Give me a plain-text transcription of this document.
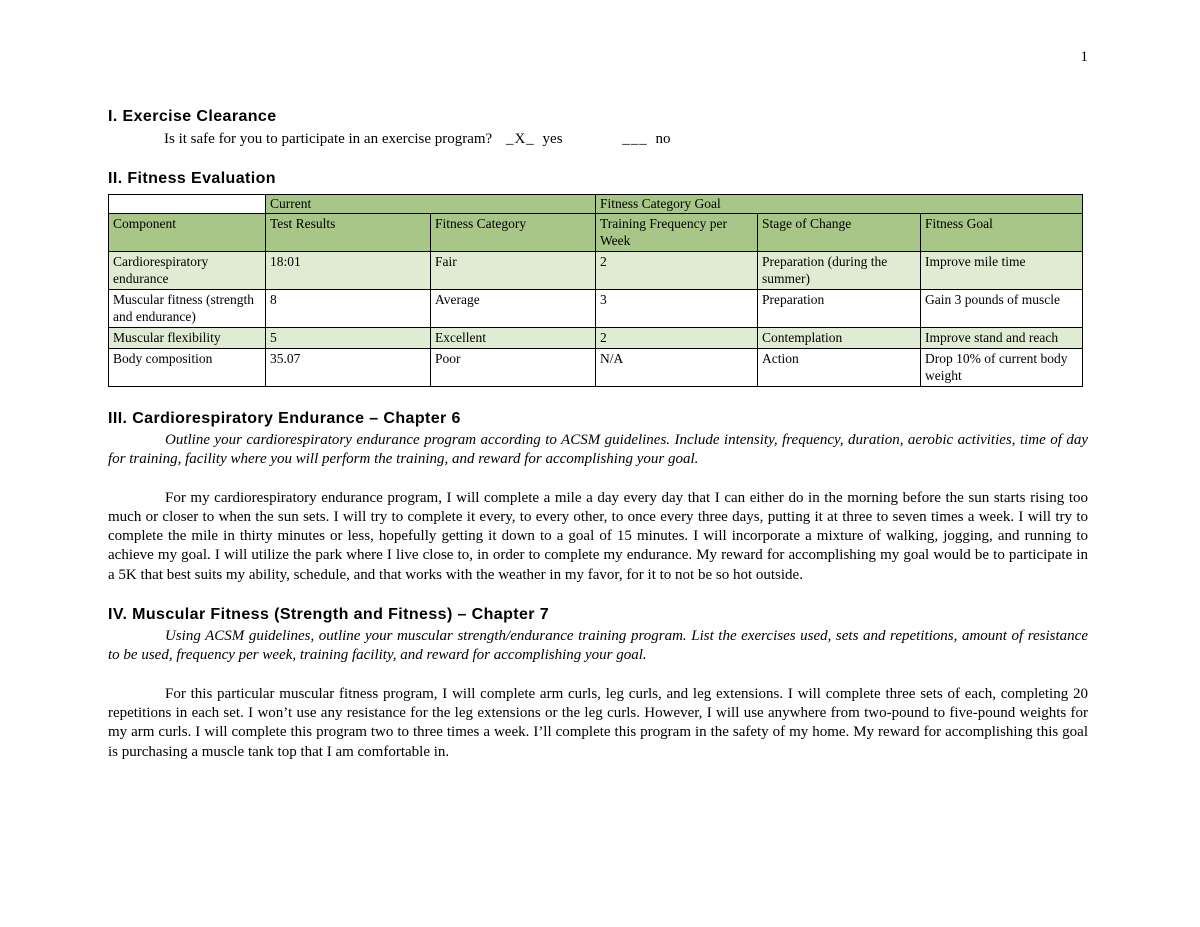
1
I. Exercise Clearance
Is it safe for you to participate in an exercise program? _X_ yes	___ no
II. Fitness Evaluation
	Current		Fitness Category Goal		
Component	Test Results	Fitness Category	Training Frequency per Week	Stage of Change	Fitness Goal
Cardiorespiratory endurance	18:01	Fair	2	Preparation (during the summer)	Improve mile time
Muscular fitness (strength and endurance)	8	Average	3	Preparation	Gain 3 pounds of muscle
Muscular flexibility	5	Excellent	2	Contemplation	Improve stand and reach
Body composition	35.07	Poor	N/A	Action	Drop 10% of current body weight
III. Cardiorespiratory Endurance – Chapter 6

Outline your cardiorespiratory endurance program according to ACSM guidelines. Include intensity, frequency, duration, aerobic activities, time of day for training, facility where you will perform the training, and reward for accomplishing your goal.

For my cardiorespiratory endurance program, I will complete a mile a day every day that I can either do in the morning before the sun starts rising too much or closer to when the sun sets. I will try to complete it every, to every other, to once every three days, putting it at three to seven times a week. I will try to complete the mile in thirty minutes or less, hopefully getting it down to a goal of 15 minutes. I will incorporate a mixture of walking, jogging, and running to achieve my goal. I will utilize the park where I live close to, in order to complete my endurance. My reward for accomplishing my goal would be to participate in a 5K that best suits my ability, schedule, and that works with the weather in my favor, for it to not be so hot outside.

IV. Muscular Fitness (Strength and Fitness) – Chapter 7

Using ACSM guidelines, outline your muscular strength/endurance training program. List the exercises used, sets and repetitions, amount of resistance to be used, frequency per week, training facility, and reward for accomplishing your goal.

For this particular muscular fitness program, I will complete arm curls, leg curls, and leg extensions. I will complete three sets of each, completing 20 repetitions in each set. I won’t use any resistance for the leg extensions or the leg curls. However, I will use anywhere from two-pound to five-pound weights for my arm curls. I will complete this program two to three times a week. I’ll complete this program in the safety of my home. My reward for accomplishing this goal is purchasing a muscle tank top that I am comfortable in.
